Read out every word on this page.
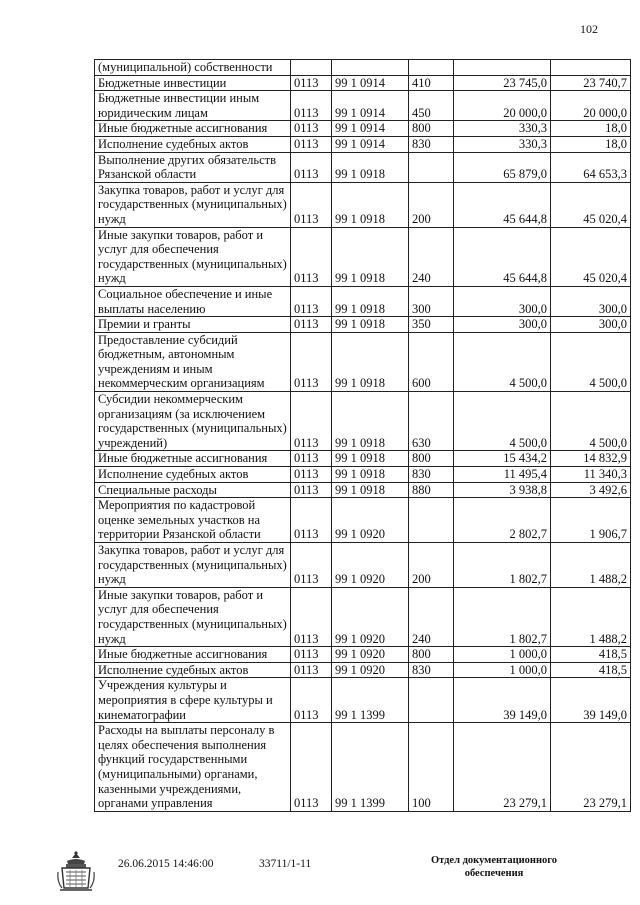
102
(муниципальной) собственности					
Бюджетные инвестиции	0113	99 1 0914	410	23 745,0	23 740,7
Бюджетные инвестиции иным юридическим лицам	0113	99 1 0914	450	20 000,0	20 000,0
Иные бюджетные ассигнования	0113	99 1 0914	800	330,3	18,0
Исполнение судебных актов	0113	99 1 0914	830	330,3	18,0
Выполнение других обязательств Рязанской области	0113	99 1 0918		65 879,0	64 653,3
Закупка товаров, работ и услуг для государственных (муниципальных) нужд	0113	99 1 0918	200	45 644,8	45 020,4
Иные закупки товаров, работ и услуг для обеспечения государственных (муниципальных) нужд	0113	99 1 0918	240	45 644,8	45 020,4
Социальное обеспечение и иные выплаты населению	0113	99 1 0918	300	300,0	300,0
Премии и гранты	0113	99 1 0918	350	300,0	300,0
Предоставление субсидий бюджетным, автономным учреждениям и иным некоммерческим организациям	0113	99 1 0918	600	4 500,0	4 500,0
Субсидии некоммерческим организациям (за исключением государственных (муниципальных) учреждений)	0113	99 1 0918	630	4 500,0	4 500,0
Иные бюджетные ассигнования	0113	99 1 0918	800	15 434,2	14 832,9
Исполнение судебных актов	0113	99 1 0918	830	11 495,4	11 340,3
Специальные расходы	0113	99 1 0918	880	3 938,8	3 492,6
Мероприятия по кадастровой оценке земельных участков на территории Рязанской области	0113	99 1 0920		2 802,7	1 906,7
Закупка товаров, работ и услуг для государственных (муниципальных) нужд	0113	99 1 0920	200	1 802,7	1 488,2
Иные закупки товаров, работ и услуг для обеспечения государственных (муниципальных) нужд	0113	99 1 0920	240	1 802,7	1 488,2
Иные бюджетные ассигнования	0113	99 1 0920	800	1 000,0	418,5
Исполнение судебных актов	0113	99 1 0920	830	1 000,0	418,5
Учреждения культуры и мероприятия в сфере культуры и кинематографии	0113	99 1 1399		39 149,0	39 149,0
Расходы на выплаты персоналу в целях обеспечения выполнения функций государственными (муниципальными) органами, казенными учреждениями, органами управления	0113	99 1 1399	100	23 279,1	23 279,1
26.06.2015 14:46:00	33711/1-11	Отдел документационного
обеспечения
